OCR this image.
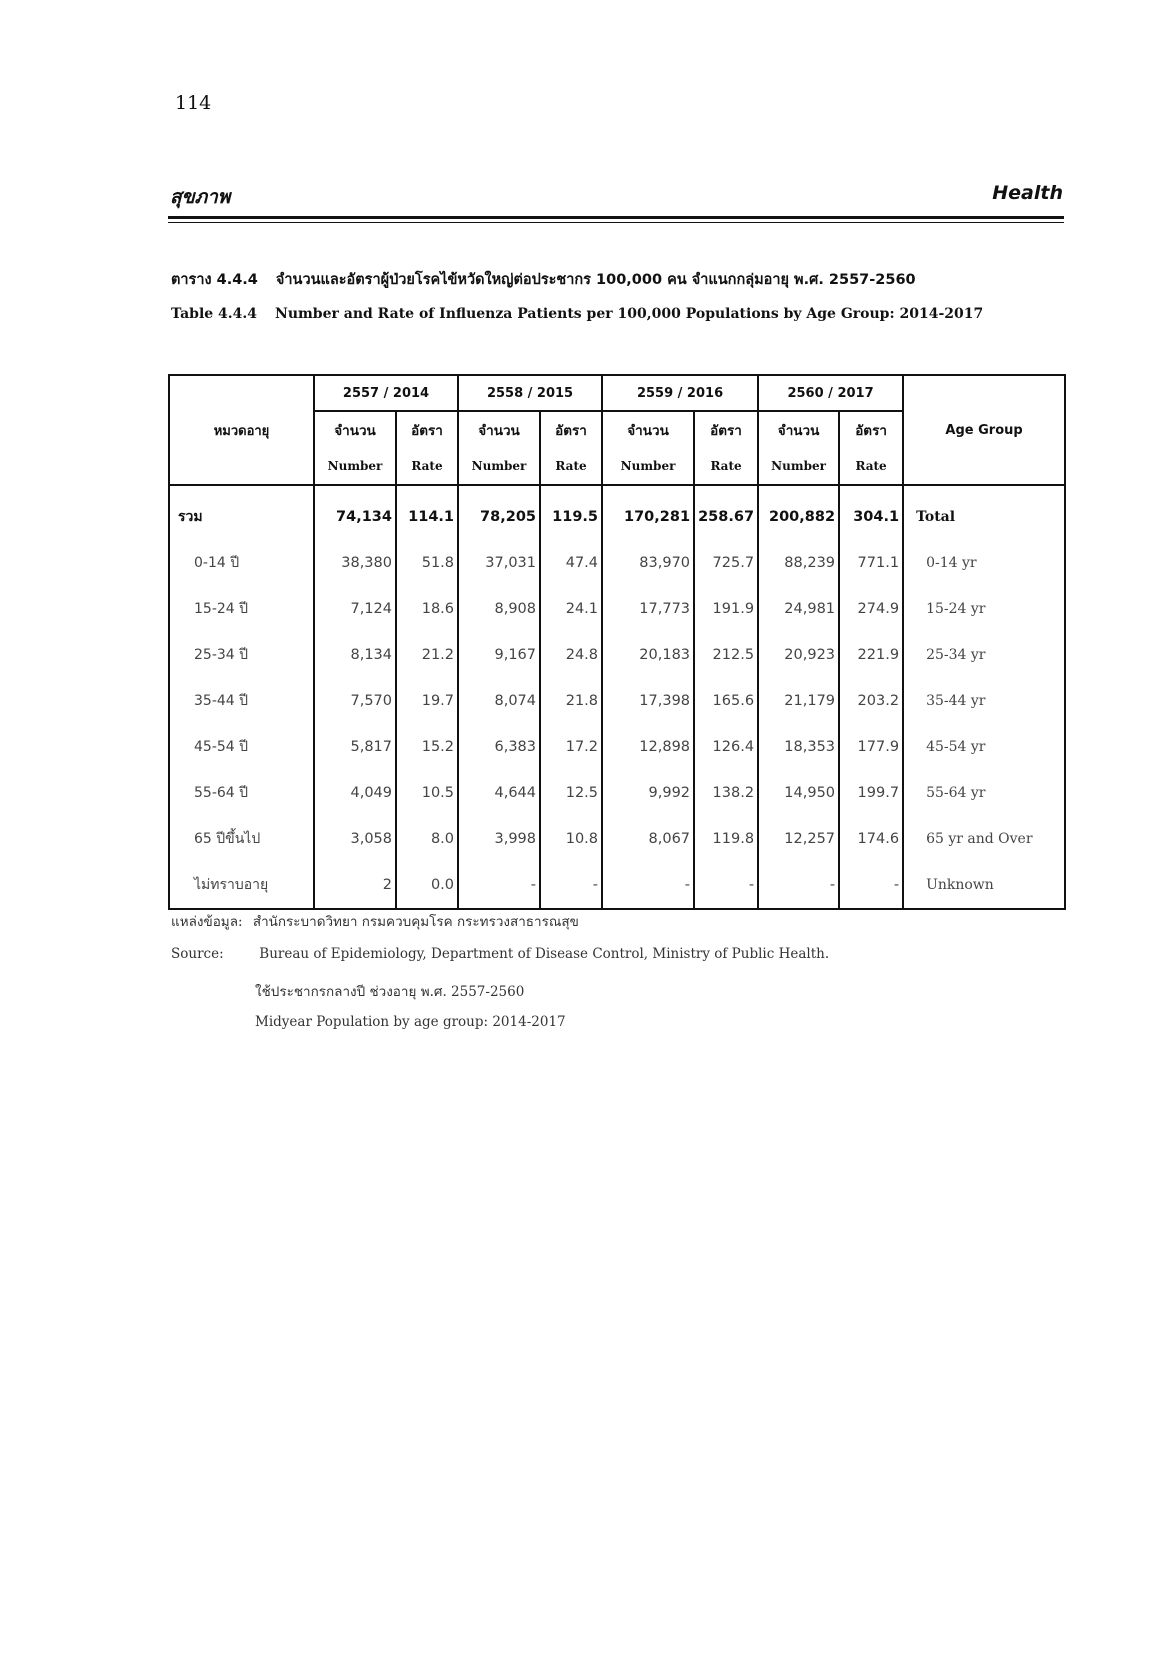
114
สุขภาพ	Health
ตาราง 4.4.4 จำนวนและอัตราผู้ป่วยโรคไข้หวัดใหญ่ต่อประชากร 100,000 คน จำแนกกลุ่มอายุ พ.ศ. 2557-2560
Table 4.4.4 Number and Rate of Influenza Patients per 100,000 Populations by Age Group: 2014-2017
หมวดอายุ	2557 / 2014		2558 / 2015		2559 / 2016		2560 / 2017		Age Group
	จำนวน	อัตรา	จำนวน	อัตรา	จำนวน	อัตรา	จำนวน	อัตรา	
	Number	Rate	Number	Rate	Number	Rate	Number	Rate	
รวม	74,134	114.1	78,205	119.5	170,281	258.67	200,882	304.1	Total
0-14 ปี	38,380	51.8	37,031	47.4	83,970	725.7	88,239	771.1	0-14 yr
15-24 ปี	7,124	18.6	8,908	24.1	17,773	191.9	24,981	274.9	15-24 yr
25-34 ปี	8,134	21.2	9,167	24.8	20,183	212.5	20,923	221.9	25-34 yr
35-44 ปี	7,570	19.7	8,074	21.8	17,398	165.6	21,179	203.2	35-44 yr
45-54 ปี	5,817	15.2	6,383	17.2	12,898	126.4	18,353	177.9	45-54 yr
55-64 ปี	4,049	10.5	4,644	12.5	9,992	138.2	14,950	199.7	55-64 yr
65 ปีขึ้นไป	3,058	8.0	3,998	10.8	8,067	119.8	12,257	174.6	65 yr and Over
ไม่ทราบอายุ	2	0.0	-	-	-	-	-	-	Unknown
แหล่งข้อมูล: สำนักระบาดวิทยา กรมควบคุมโรค กระทรวงสาธารณสุข
Source:	Bureau of Epidemiology, Department of Disease Control, Ministry of Public Health.
ใช้ประชากรกลางปี ช่วงอายุ พ.ศ. 2557-2560
Midyear Population by age group: 2014-2017
